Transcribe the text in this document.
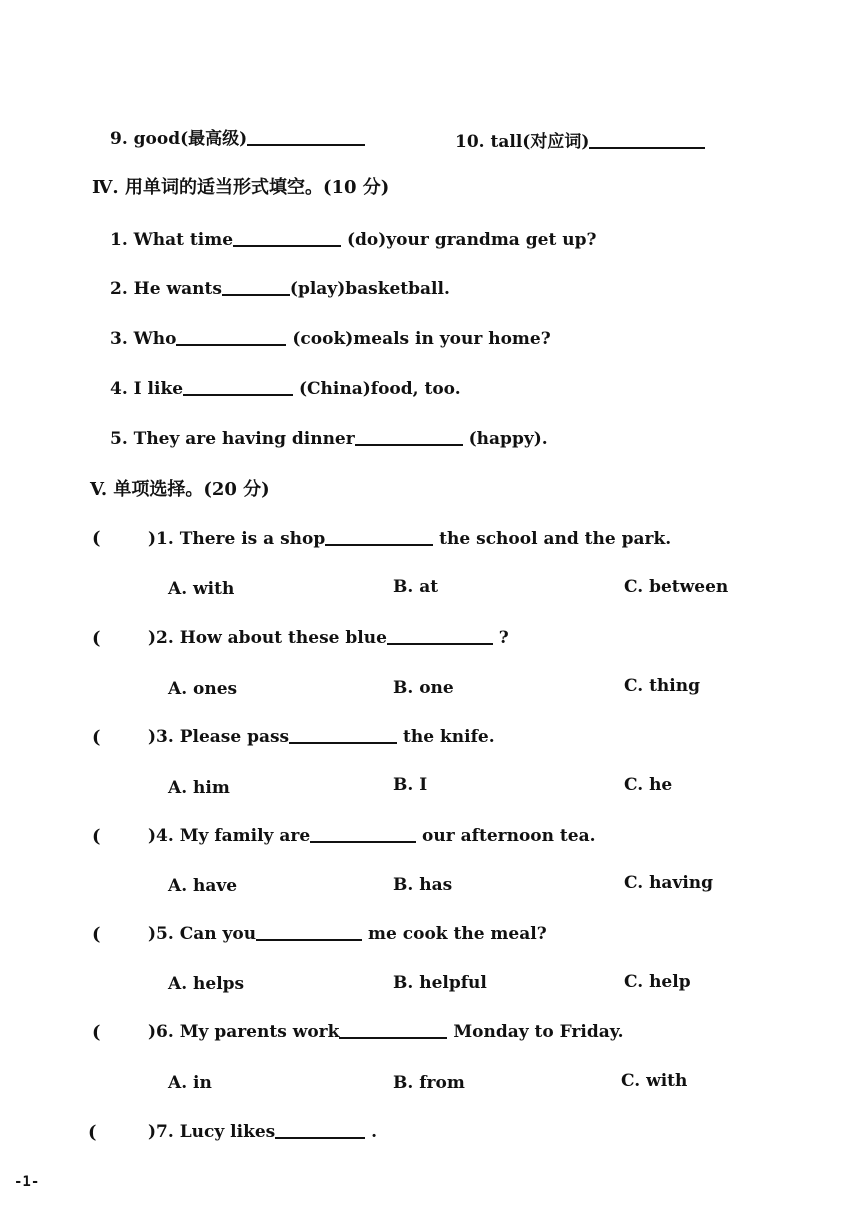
9. good(最高级)	10. tall(对应词)
Ⅳ. 用单词的适当形式填空。(10 分)
1. What time	(do)your grandma get up?
2. He wants	(play)basketball.
3. Who	(cook)meals in your home?
4. I like	(China)food, too.
5. They are having dinner	(happy).
V. 单项选择。(20 分)
(	)1. There is a shop	the school and the park.
A. with	B. at	C. between
(	)2. How about these blue	?
A. ones	B. one	C. thing
(	)3. Please pass	the knife.
A. him	B. I	C. he
(	)4. My family are	our afternoon tea.
A. have	B. has	C. having
(	)5. Can you	me cook the meal?
A. helps	B. helpful	C. help
(	)6. My parents work	Monday to Friday.
A. in	B. from	C. with
(	)7. Lucy likes	.
-1-
